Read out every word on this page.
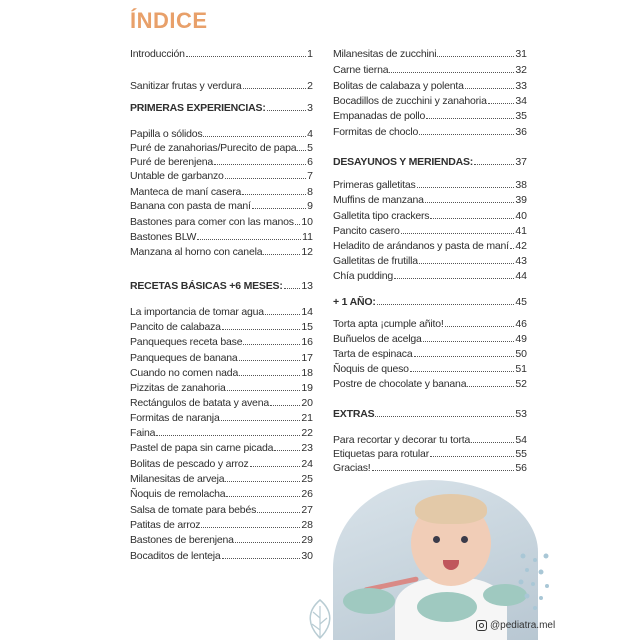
ÍNDICE
Introducción	1
Sanitizar frutas y verdura	2
PRIMERAS EXPERIENCIAS:	3
Papilla o sólidos	4
Puré de zanahorias/Purecito de papa 5
Puré de berenjena	6
Untable de garbanzo	7
Manteca de maní casera	8
Banana con pasta de maní	9
Bastones para comer con las manos 10
Bastones BLW	11
Manzana al horno con canela	12
RECETAS BÁSICAS +6 MESES: 13
La importancia de tomar agua	14
Pancito de calabaza	15
Panqueques receta base	16
Panqueques de banana	17
Cuando no comen nada	18
Pizzitas de zanahoria	19
Rectángulos de batata y avena	20
Formitas de naranja	21
Faina	22
Pastel de papa sin carne picada	23
Bolitas de pescado y arroz	24
Milanesitas de arveja	25
Ñoquis de remolacha	26
Salsa de tomate para bebés	27
Patitas de arroz	28
Bastones de berenjena	29
Bocaditos de lenteja	30
Milanesitas de zucchini	31
Carne tierna	32
Bolitas de calabaza y polenta	33
Bocadillos de zucchini y zanahoria	34
Empanadas de pollo	35
Formitas de choclo	36
DESAYUNOS Y MERIENDAS:	37
Primeras galletitas	38
Muffins de manzana	39
Galletita tipo crackers	40
Pancito casero	41
Heladito de arándanos y pasta de maní 42
Galletitas de frutilla	43
Chía pudding	44
+ 1 AÑO:	45
Torta apta ¡cumple añito!	46
Buñuelos de acelga	49
Tarta de espinaca	50
Ñoquis de queso	51
Postre de chocolate y banana	52
EXTRAS	53
Para recortar y decorar tu torta	54
Etiquetas para rotular	55
Gracias!	56
@pediatra.mel
